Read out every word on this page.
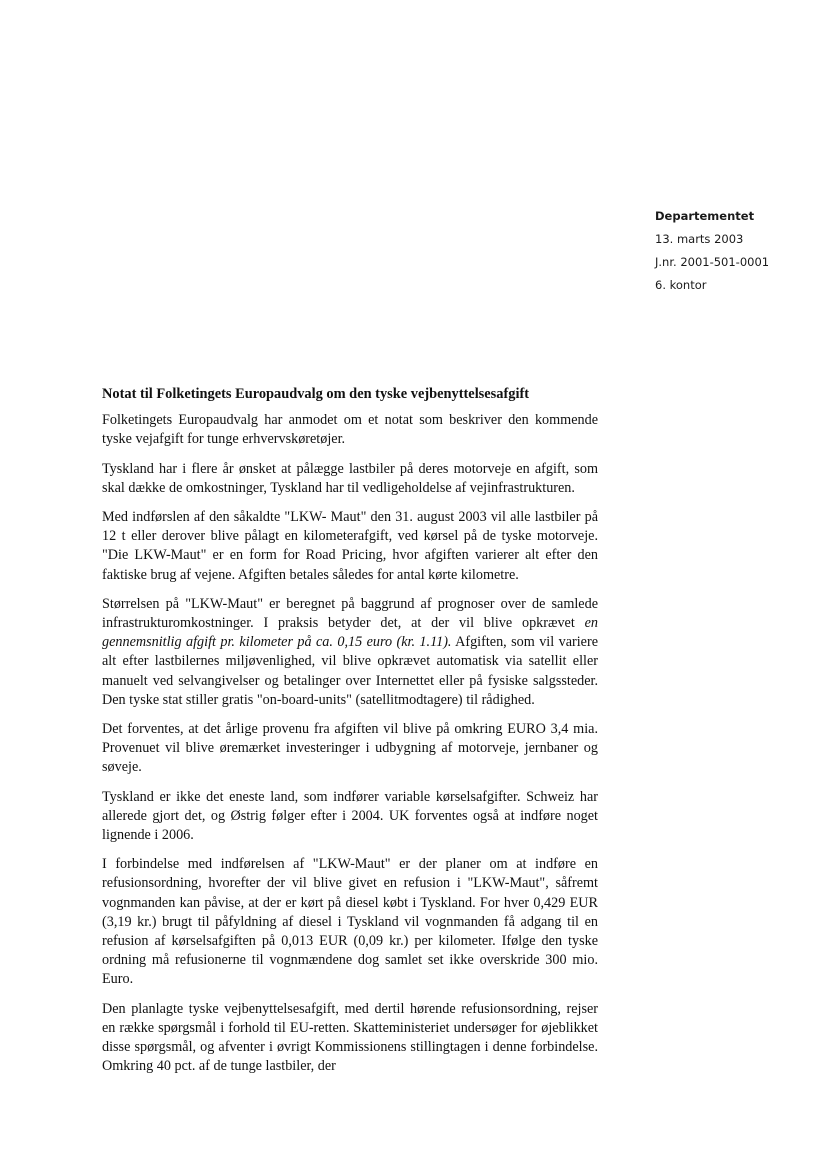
Departementet
13. marts 2003
J.nr. 2001-501-0001
6. kontor
Notat til Folketingets Europaudvalg om den tyske vejbenyttelsesafgift

Folketingets Europaudvalg har anmodet om et notat som beskriver den kommende tyske vejafgift for tunge erhvervskøretøjer.

Tyskland har i flere år ønsket at pålægge lastbiler på deres motorveje en afgift, som skal dække de omkostninger, Tyskland har til vedligeholdelse af vejinfrastrukturen.

Med indførslen af den såkaldte "LKW- Maut" den 31. august 2003 vil alle lastbiler på 12 t eller derover blive pålagt en kilometerafgift, ved kørsel på de tyske motorveje. "Die LKW-Maut" er en form for Road Pricing, hvor afgiften varierer alt efter den faktiske brug af vejene. Afgiften betales således for antal kørte kilometre.

Størrelsen på "LKW-Maut" er beregnet på baggrund af prognoser over de samlede infrastrukturomkostninger. I praksis betyder det, at der vil blive opkrævet en gennemsnitlig afgift pr. kilometer på ca. 0,15 euro (kr. 1.11). Afgiften, som vil variere alt efter lastbilernes miljøvenlighed, vil blive opkrævet automatisk via satellit eller manuelt ved selvangivelser og betalinger over Internettet eller på fysiske salgssteder. Den tyske stat stiller gratis "on-board-units" (satellitmodtagere) til rådighed.

Det forventes, at det årlige provenu fra afgiften vil blive på omkring EURO 3,4 mia. Provenuet vil blive øremærket investeringer i udbygning af motorveje, jernbaner og søveje.

Tyskland er ikke det eneste land, som indfører variable kørselsafgifter. Schweiz har allerede gjort det, og Østrig følger efter i 2004. UK forventes også at indføre noget lignende i 2006.

I forbindelse med indførelsen af "LKW-Maut" er der planer om at indføre en refusionsordning, hvorefter der vil blive givet en refusion i "LKW-Maut", såfremt vognmanden kan påvise, at der er kørt på diesel købt i Tyskland. For hver 0,429 EUR (3,19 kr.) brugt til påfyldning af diesel i Tyskland vil vognmanden få adgang til en refusion af kørselsafgiften på 0,013 EUR (0,09 kr.) per kilometer. Ifølge den tyske ordning må refusionerne til vognmændene dog samlet set ikke overskride 300 mio. Euro.

Den planlagte tyske vejbenyttelsesafgift, med dertil hørende refusionsordning, rejser en række spørgsmål i forhold til EU-retten. Skatteministeriet undersøger for øjeblikket disse spørgsmål, og afventer i øvrigt Kommissionens stillingtagen i denne forbindelse. Omkring 40 pct. af de tunge lastbiler, der
